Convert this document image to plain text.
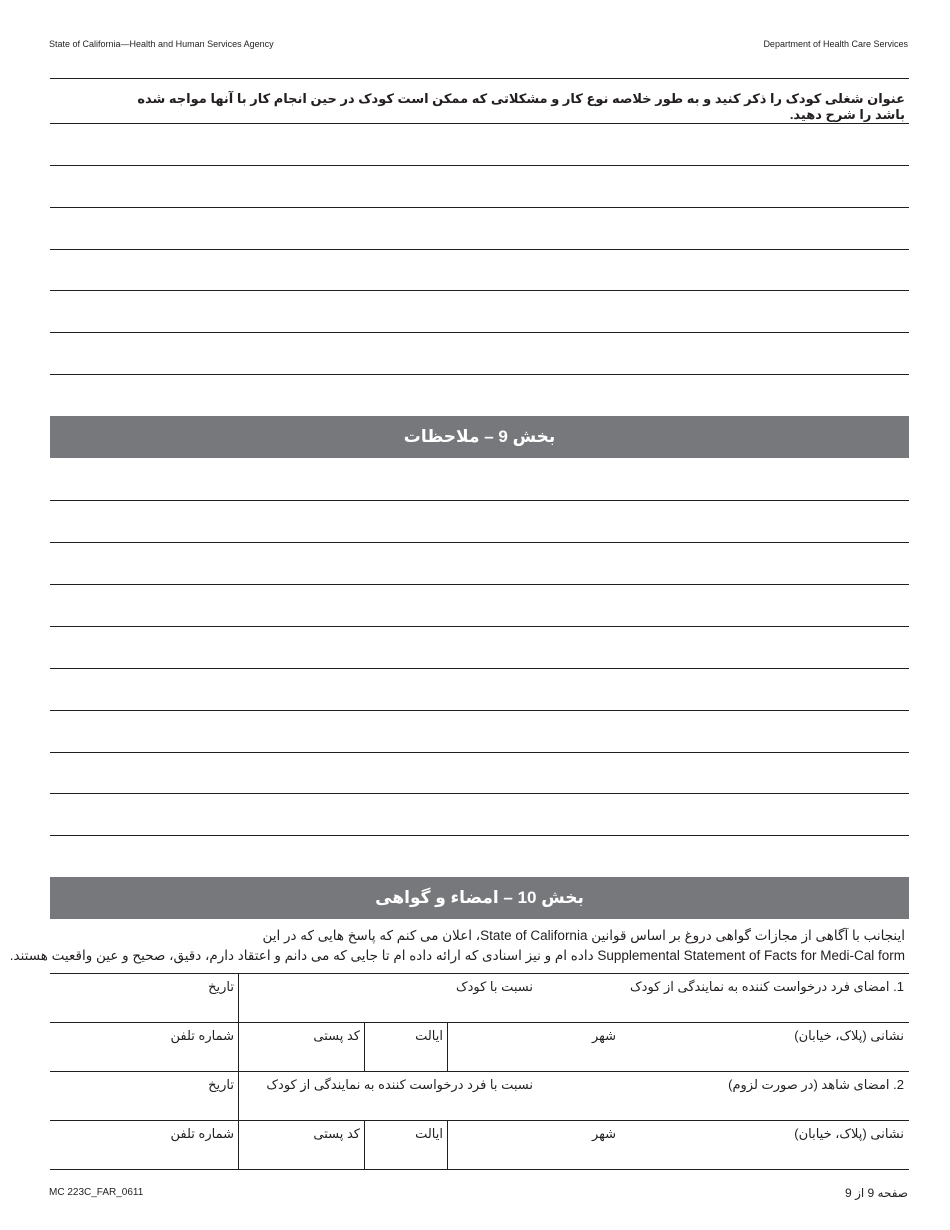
State of California—Health and Human Services Agency	Department of Health Care Services
عنوان شغلی کودک را ذکر کنید و به طور خلاصه نوع کار و مشکلاتی که ممکن است کودک در حین انجام کار با آنها مواجه شده باشد را شرح دهید.
بخش 9 – ملاحظات
بخش 10 – امضاء و گواهی
اینجانب با آگاهی از مجازات گواهی دروغ بر اساس قوانین State of California، اعلان می کنم که پاسخ هایی که در این
Supplemental Statement of Facts for Medi-Cal form داده ام و نیز اسنادی که ارائه داده ام تا جایی که می دانم و اعتقاد دارم، دقیق، صحیح و عین واقعیت هستند.
1. امضای فرد درخواست کننده به نمایندگی از کودک
نسبت با کودک
تاریخ
نشانی (پلاک، خیابان)
شهر
ایالت
کد پستی
شماره تلفن
2. امضای شاهد (در صورت لزوم)
نسبت با فرد درخواست کننده به نمایندگی از کودک
تاریخ
نشانی (پلاک، خیابان)
شهر
ایالت
کد پستی
شماره تلفن
MC 223C_FAR_0611	صفحه 9 از 9
